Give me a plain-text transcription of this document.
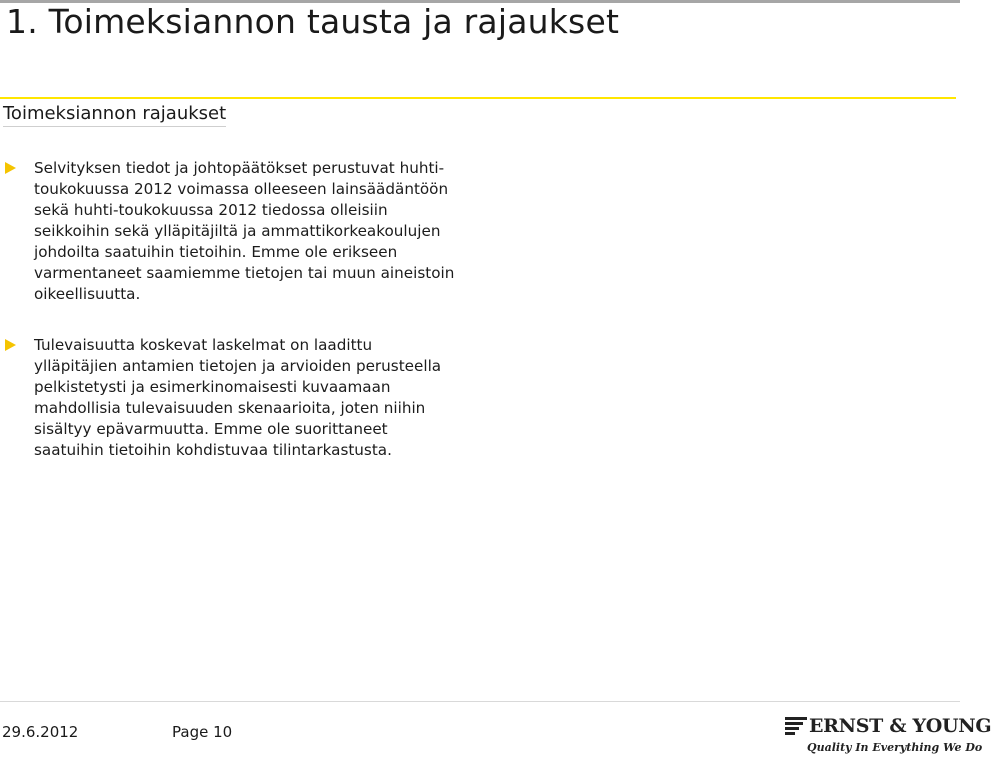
1. Toimeksiannon tausta ja rajaukset
Toimeksiannon rajaukset
Selvityksen tiedot ja johtopäätökset perustuvat huhti-
toukokuussa 2012 voimassa olleeseen lainsäädäntöön
sekä huhti-toukokuussa 2012 tiedossa olleisiin
seikkoihin sekä ylläpitäjiltä ja ammattikorkeakoulujen
johdoilta saatuihin tietoihin. Emme ole erikseen
varmentaneet saamiemme tietojen tai muun aineistoin
oikeellisuutta.
Tulevaisuutta koskevat laskelmat on laadittu
ylläpitäjien antamien tietojen ja arvioiden perusteella
pelkistetysti ja esimerkinomaisesti kuvaamaan
mahdollisia tulevaisuuden skenaarioita, joten niihin
sisältyy epävarmuutta. Emme ole suorittaneet
saatuihin tietoihin kohdistuvaa tilintarkastusta.
29.6.2012	Page 10	ERNST & YOUNG
Quality In Everything We Do
